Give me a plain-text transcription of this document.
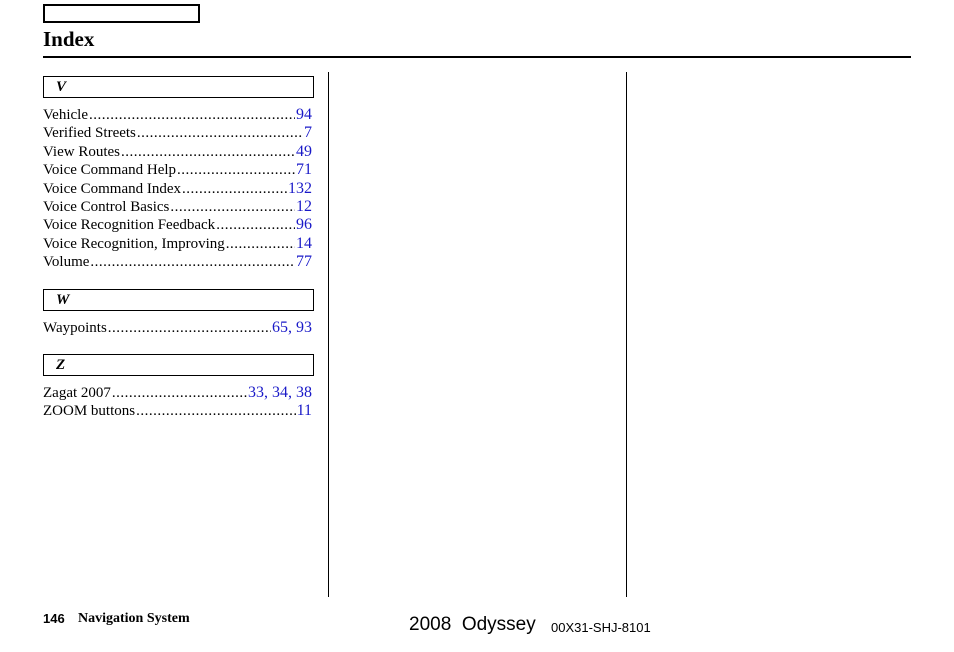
Index
V
Vehicle .....	94
Verified Streets .....	7
View Routes .....	49
Voice Command Help .....	71
Voice Command Index .....	132
Voice Control Basics .....	12
Voice Recognition Feedback .....	96
Voice Recognition, Improving .....	14
Volume .....	77
W
Waypoints .....	65, 93
Z
Zagat 2007 .....	33, 34, 38
ZOOM buttons .....	11
146 Navigation System	2008  Odyssey 00X31-SHJ-8101
